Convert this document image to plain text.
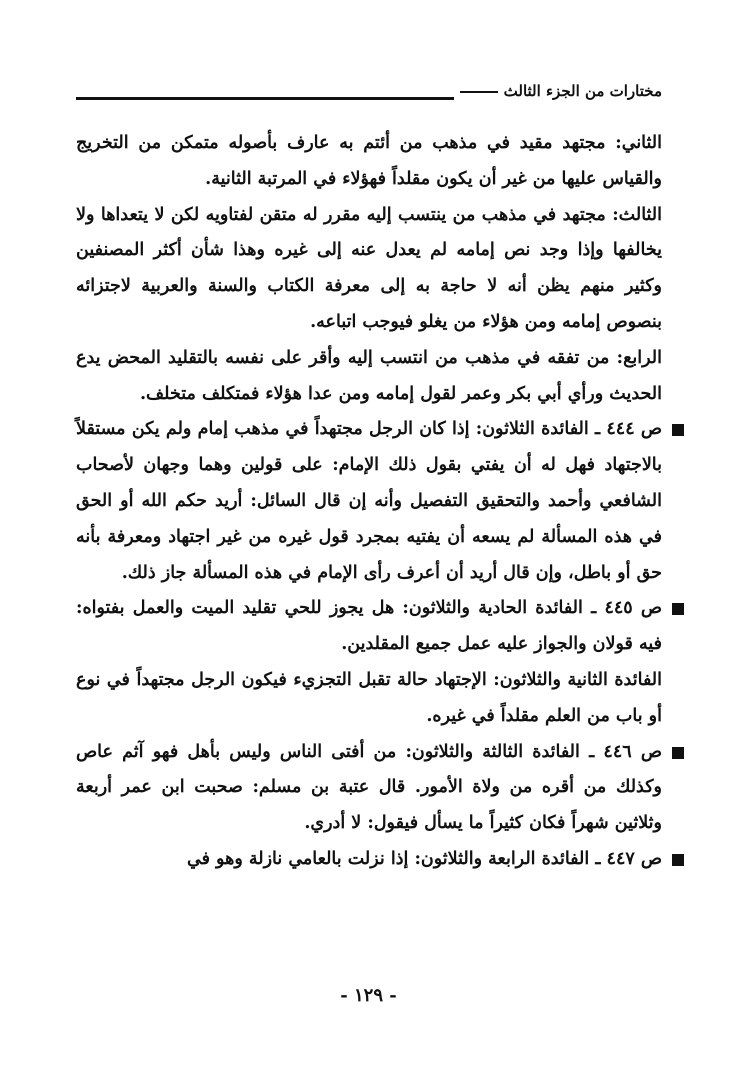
مختارات من الجزء الثالث

الثاني: مجتهد مقيد في مذهب من أئتم به عارف بأصوله متمكن من التخريج والقياس عليها من غير أن يكون مقلداً فهؤلاء في المرتبة الثانية.

الثالث: مجتهد في مذهب من ينتسب إليه مقرر له متقن لفتاويه لكن لا يتعداها ولا يخالفها وإذا وجد نص إمامه لم يعدل عنه إلى غيره وهذا شأن أكثر المصنفين وكثير منهم يظن أنه لا حاجة به إلى معرفة الكتاب والسنة والعربية لاجتزائه بنصوص إمامه ومن هؤلاء من يغلو فيوجب اتباعه.

الرابع: من تفقه في مذهب من انتسب إليه وأقر على نفسه بالتقليد المحض يدع الحديث ورأي أبي بكر وعمر لقول إمامه ومن عدا هؤلاء فمتكلف متخلف.

ص ٤٤٤ ـ الفائدة الثلاثون: إذا كان الرجل مجتهداً في مذهب إمام ولم يكن مستقلاً بالاجتهاد فهل له أن يفتي بقول ذلك الإمام: على قولين وهما وجهان لأصحاب الشافعي وأحمد والتحقيق التفصيل وأنه إن قال السائل: أريد حكم الله أو الحق في هذه المسألة لم يسعه أن يفتيه بمجرد قول غيره من غير اجتهاد ومعرفة بأنه حق أو باطل، وإن قال أريد أن أعرف رأى الإمام في هذه المسألة جاز ذلك.

ص ٤٤٥ ـ الفائدة الحادية والثلاثون: هل يجوز للحي تقليد الميت والعمل بفتواه: فيه قولان والجواز عليه عمل جميع المقلدين.

الفائدة الثانية والثلاثون: الإجتهاد حالة تقبل التجزيء فيكون الرجل مجتهداً في نوع أو باب من العلم مقلداً في غيره.

ص ٤٤٦ ـ الفائدة الثالثة والثلاثون: من أفتى الناس وليس بأهل فهو آثم عاص وكذلك من أقره من ولاة الأمور. قال عتبة بن مسلم: صحبت ابن عمر أربعة وثلاثين شهراً فكان كثيراً ما يسأل فيقول: لا أدري.

ص ٤٤٧ ـ الفائدة الرابعة والثلاثون: إذا نزلت بالعامي نازلة وهو في

- ١٢٩ -
